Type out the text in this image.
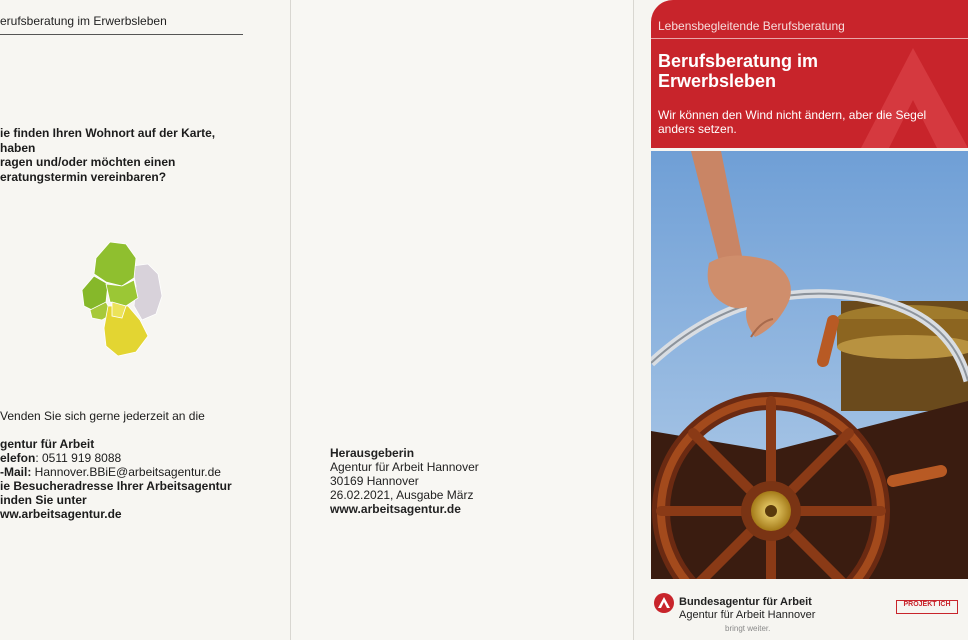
erufsberatung im Erwerbsleben
ie finden Ihren Wohnort auf der Karte, haben
ragen und/oder möchten einen
eratungstermin vereinbaren?
Venden Sie sich gerne jederzeit an die
gentur für Arbeit
elefon: 0511 919 8088
-Mail: Hannover.BBiE@arbeitsagentur.de
ie Besucheradresse Ihrer Arbeitsagentur
inden Sie unter
ww.arbeitsagentur.de
Herausgeberin
Agentur für Arbeit Hannover
30169 Hannover
26.02.2021, Ausgabe März
www.arbeitsagentur.de
Lebensbegleitende Berufsberatung
Berufsberatung im
Erwerbsleben
Wir können den Wind nicht ändern, aber die Segel anders setzen.
Bundesagentur für Arbeit
Agentur für Arbeit Hannover
bringt weiter.
PROJEKT ICH
